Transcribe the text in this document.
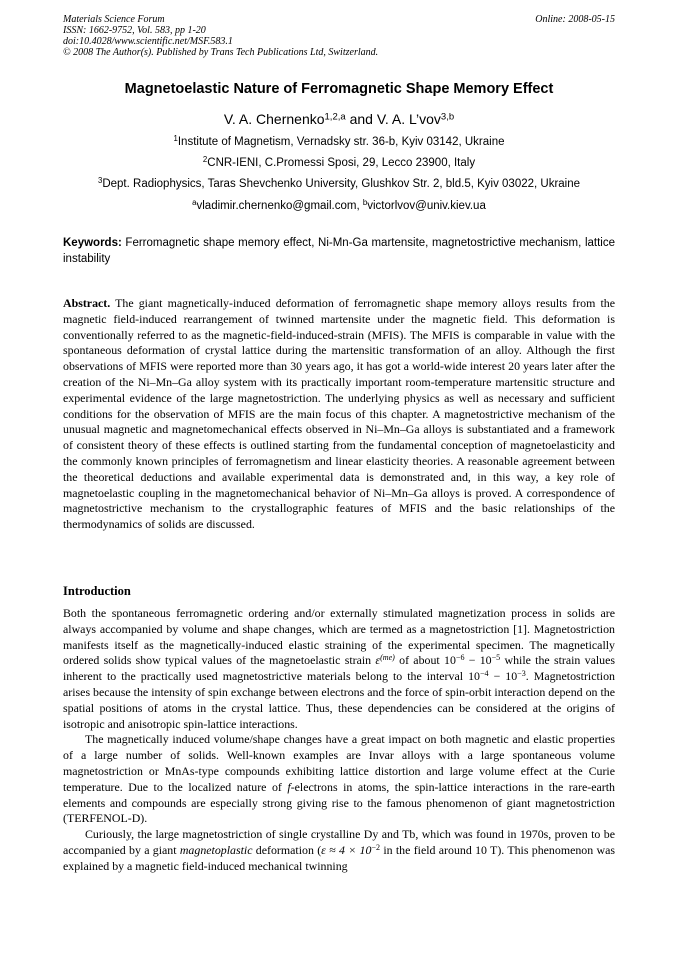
Materials Science Forum
ISSN: 1662-9752, Vol. 583, pp 1-20
doi:10.4028/www.scientific.net/MSF.583.1
© 2008 The Author(s). Published by Trans Tech Publications Ltd, Switzerland.
Online: 2008-05-15
Magnetoelastic Nature of Ferromagnetic Shape Memory Effect
V. A. Chernenko$^{1,2,a}$ and V. A. L’vov$^{3,b}$
$^1$Institute of Magnetism, Vernadsky str. 36-b, Kyiv 03142, Ukraine
$^2$CNR-IENI, C.Promessi Sposi, 29, Lecco 23900, Italy
$^3$Dept. Radiophysics, Taras Shevchenko University, Glushkov Str. 2, bld.5, Kyiv 03022, Ukraine
$^a$vladimir.chernenko@gmail.com, $^b$victorlvov@univ.kiev.ua
Keywords: Ferromagnetic shape memory effect, Ni-Mn-Ga martensite, magnetostrictive mechanism, lattice instability
Abstract. The giant magnetically-induced deformation of ferromagnetic shape memory alloys results from the magnetic field-induced rearrangement of twinned martensite under the magnetic field. This deformation is conventionally referred to as the magnetic-field-induced-strain (MFIS). The MFIS is comparable in value with the spontaneous deformation of crystal lattice during the martensitic transformation of an alloy. Although the first observations of MFIS were reported more than 30 years ago, it has got a world-wide interest 20 years later after the creation of the Ni–Mn–Ga alloy system with its practically important room-temperature martensitic structure and experimental evidence of the large magnetostriction. The underlying physics as well as necessary and sufficient conditions for the observation of MFIS are the main focus of this chapter. A magnetostrictive mechanism of the unusual magnetic and magnetomechanical effects observed in Ni–Mn–Ga alloys is substantiated and a framework of consistent theory of these effects is outlined starting from the fundamental conception of magnetoelasticity and the commonly known principles of ferromagnetism and linear elasticity theories. A reasonable agreement between the theoretical deductions and available experimental data is demonstrated and, in this way, a key role of magnetoelastic coupling in the magnetomechanical behavior of Ni–Mn–Ga alloys is proved. A correspondence of magnetostrictive mechanism to the crystallographic features of MFIS and the basic relationships of the thermodynamics of solids are discussed.
Introduction

Both the spontaneous ferromagnetic ordering and/or externally stimulated magnetization process in solids are always accompanied by volume and shape changes, which are termed as a magnetostriction [1]. Magnetostriction manifests itself as the magnetically-induced elastic straining of the experimental specimen. The magnetically ordered solids show typical values of the magnetoelastic strain $\varepsilon^{(me)}$ of about $10^{-6} - 10^{-5}$ while the strain values inherent to the practically used magnetostrictive materials belong to the interval $10^{-4} - 10^{-3}$. Magnetostriction arises because the intensity of spin exchange between electrons and the force of spin-orbit interaction depend on the spatial positions of atoms in the crystal lattice. Thus, these dependencies can be considered at the origins of isotropic and anisotropic spin-lattice interactions.

The magnetically induced volume/shape changes have a great impact on both magnetic and elastic properties of a large number of solids. Well-known examples are Invar alloys with a large spontaneous volume magnetostriction or MnAs-type compounds exhibiting lattice distortion and large volume effect at the Curie temperature. Due to the localized nature of f-electrons in atoms, the spin-lattice interactions in the rare-earth elements and compounds are especially strong giving rise to the famous phenomenon of giant magnetostriction (TERFENOL-D).

Curiously, the large magnetostriction of single crystalline Dy and Tb, which was found in 1970s, proven to be accompanied by a giant magnetoplastic deformation ($\varepsilon \approx 4 \times 10^{-2}$ in the field around 10 T). This phenomenon was explained by a magnetic field-induced mechanical twinning
